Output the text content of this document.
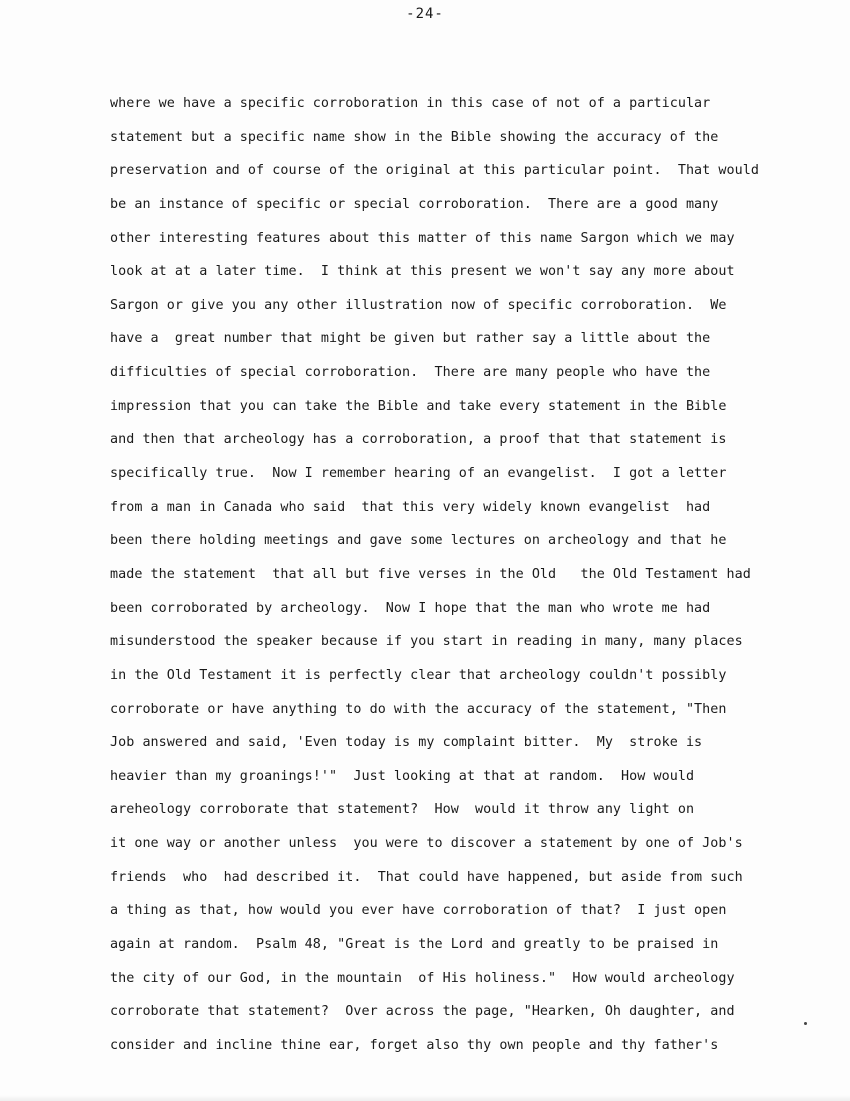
-24-
where we have a specific corroboration in this case of not of a particular
statement but a specific name show in the Bible showing the accuracy of the
preservation and of course of the original at this particular point.  That would
be an instance of specific or special corroboration.  There are a good many
other interesting features about this matter of this name Sargon which we may
look at at a later time.  I think at this present we won't say any more about
Sargon or give you any other illustration now of specific corroboration.  We
have a  great number that might be given but rather say a little about the
difficulties of special corroboration.  There are many people who have the
impression that you can take the Bible and take every statement in the Bible
and then that archeology has a corroboration, a proof that that statement is
specifically true.  Now I remember hearing of an evangelist.  I got a letter
from a man in Canada who said  that this very widely known evangelist  had
been there holding meetings and gave some lectures on archeology and that he
made the statement  that all but five verses in the Old   the Old Testament had
been corroborated by archeology.  Now I hope that the man who wrote me had
misunderstood the speaker because if you start in reading in many, many places
in the Old Testament it is perfectly clear that archeology couldn't possibly
corroborate or have anything to do with the accuracy of the statement, "Then
Job answered and said, 'Even today is my complaint bitter.  My  stroke is
heavier than my groanings!'"  Just looking at that at random.  How would
areheology corroborate that statement?  How  would it throw any light on
it one way or another unless  you were to discover a statement by one of Job's
friends  who  had described it.  That could have happened, but aside from such
a thing as that, how would you ever have corroboration of that?  I just open
again at random.  Psalm 48, "Great is the Lord and greatly to be praised in
the city of our God, in the mountain  of His holiness."  How would archeology
corroborate that statement?  Over across the page, "Hearken, Oh daughter, and
consider and incline thine ear, forget also thy own people and thy father's
